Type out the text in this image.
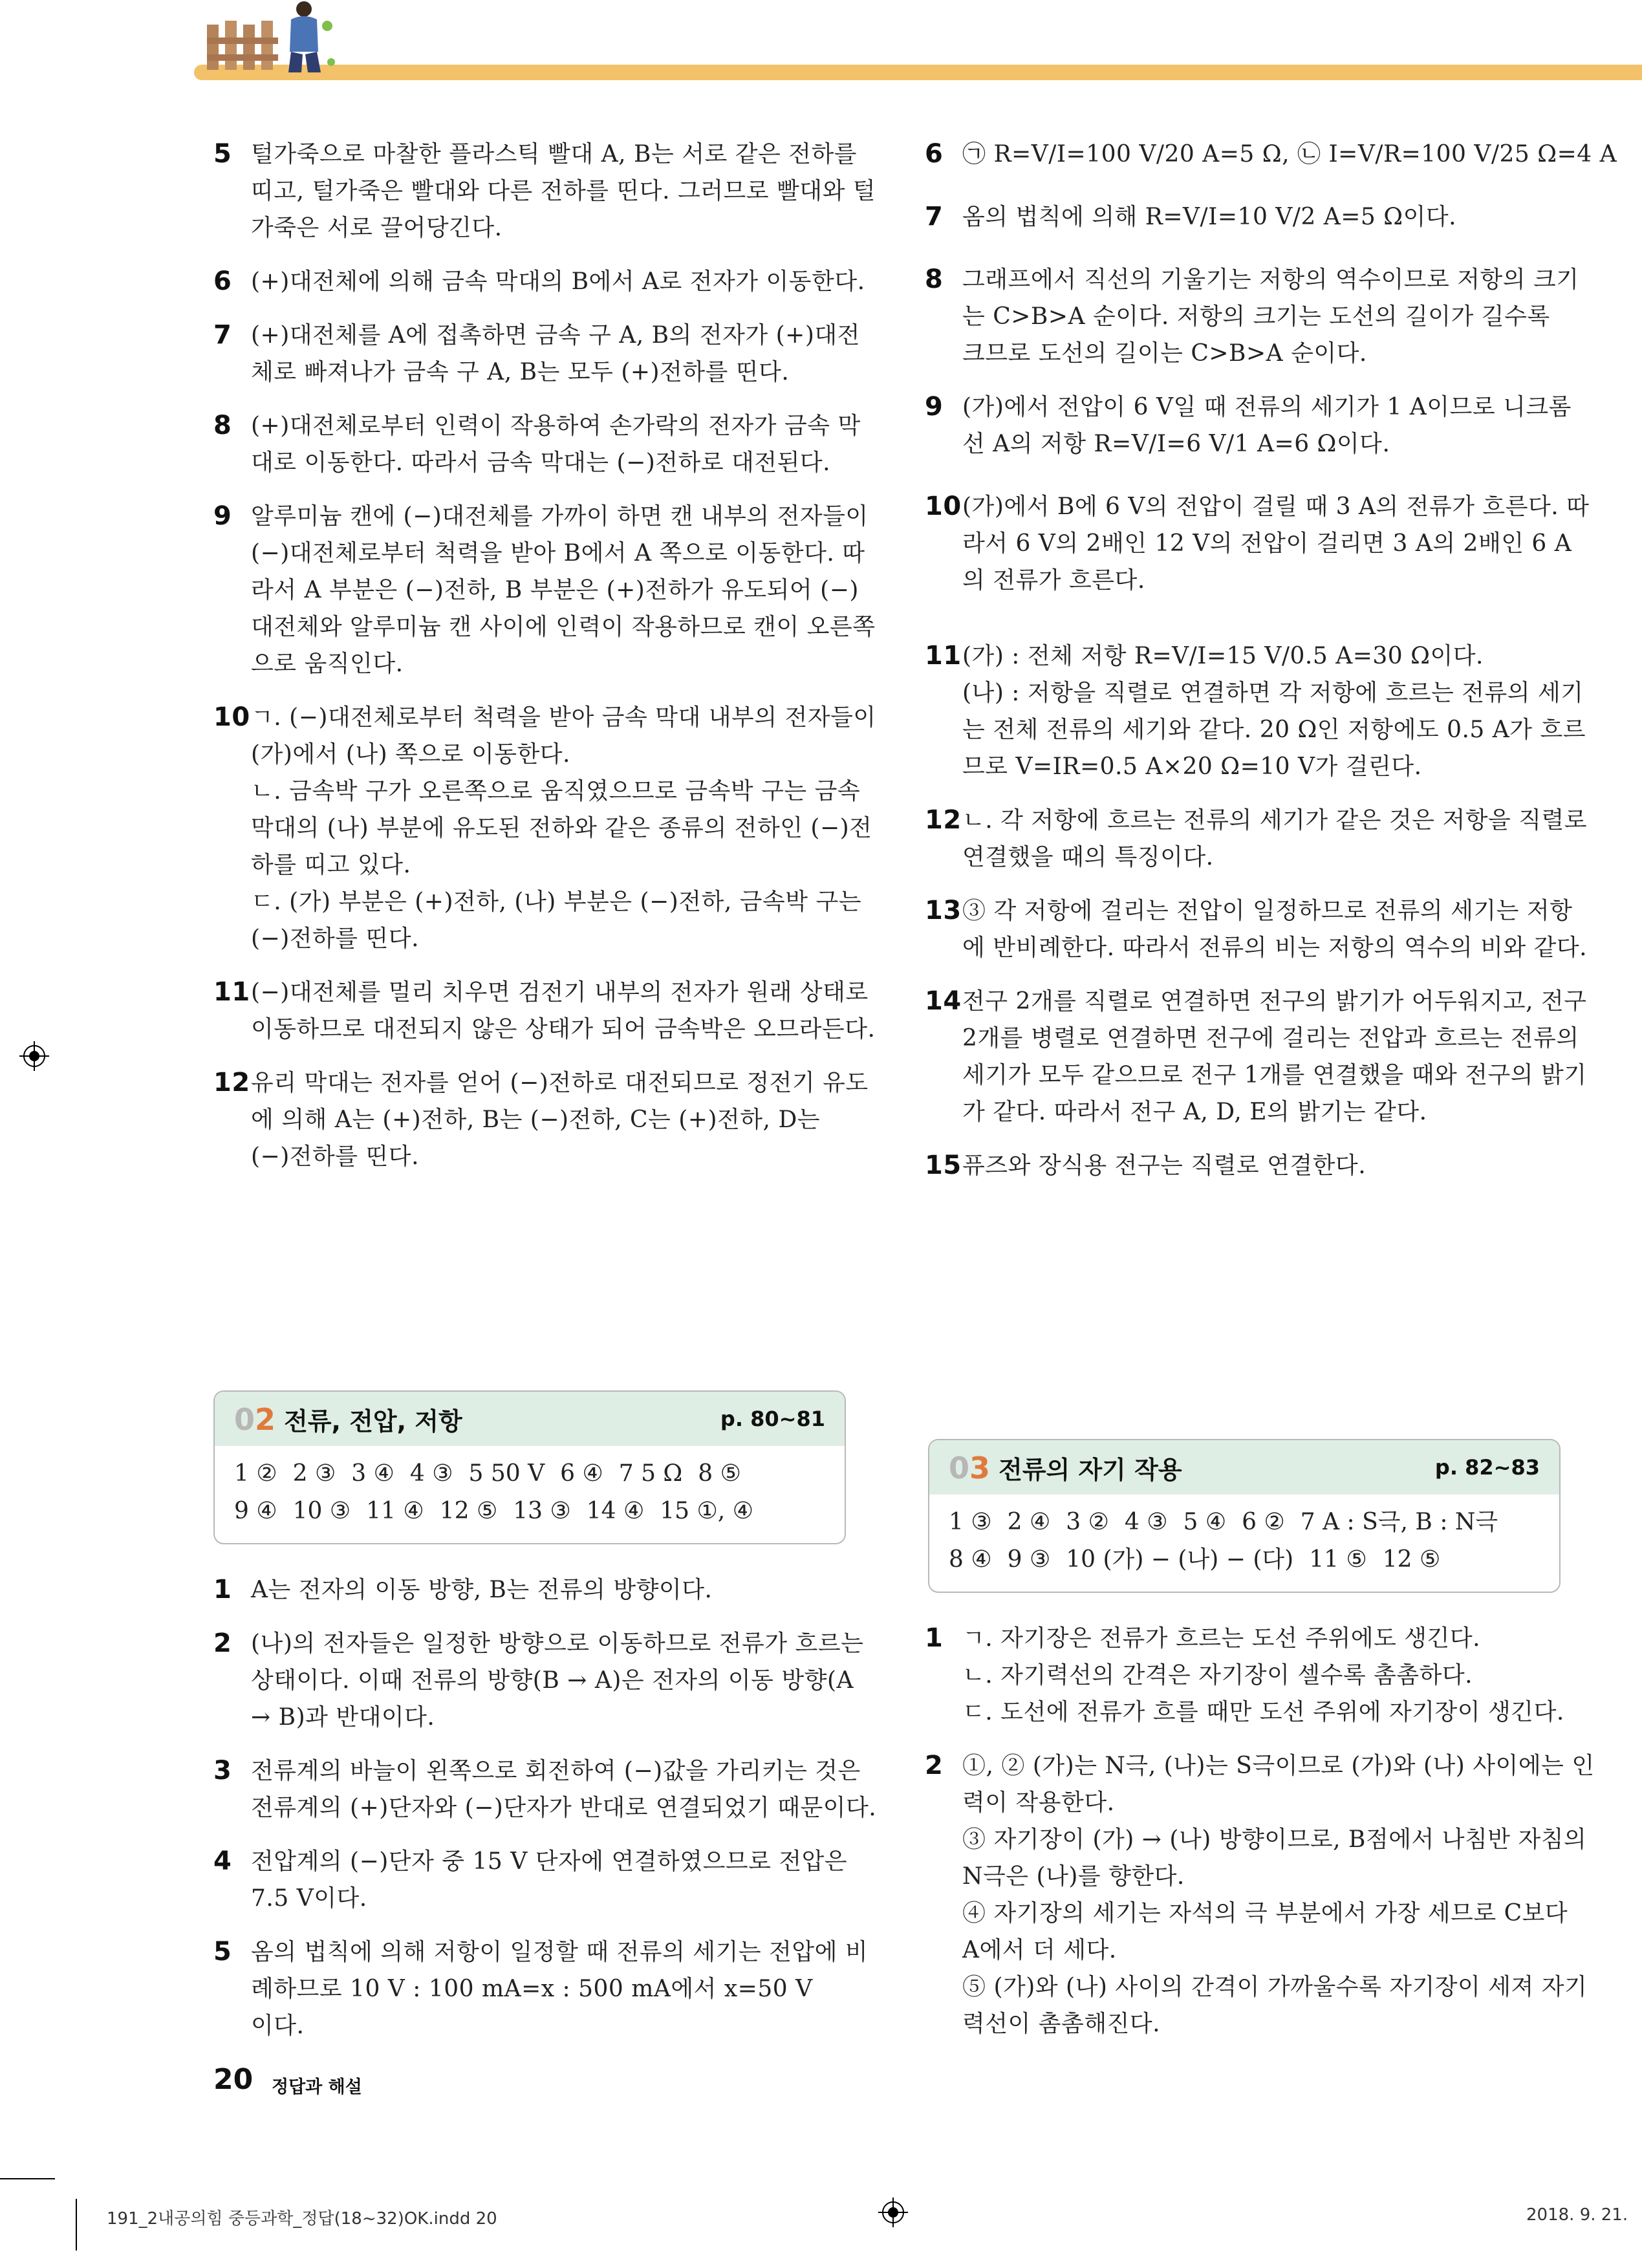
5 털가죽으로 마찰한 플라스틱 빨대 A, B는 서로 같은 전하를
띠고, 털가죽은 빨대와 다른 전하를 띤다. 그러므로 빨대와 털
가죽은 서로 끌어당긴다.
6 (+)대전체에 의해 금속 막대의 B에서 A로 전자가 이동한다.
7 (+)대전체를 A에 접촉하면 금속 구 A, B의 전자가 (+)대전
체로 빠져나가 금속 구 A, B는 모두 (+)전하를 띤다.
8 (+)대전체로부터 인력이 작용하여 손가락의 전자가 금속 막
대로 이동한다. 따라서 금속 막대는 (−)전하로 대전된다.
9 알루미늄 캔에 (−)대전체를 가까이 하면 캔 내부의 전자들이
(−)대전체로부터 척력을 받아 B에서 A 쪽으로 이동한다. 따
라서 A 부분은 (−)전하, B 부분은 (+)전하가 유도되어 (−)
대전체와 알루미늄 캔 사이에 인력이 작용하므로 캔이 오른쪽
으로 움직인다.
10 ㄱ. (−)대전체로부터 척력을 받아 금속 막대 내부의 전자들이
(가)에서 (나) 쪽으로 이동한다.
ㄴ. 금속박 구가 오른쪽으로 움직였으므로 금속박 구는 금속
막대의 (나) 부분에 유도된 전하와 같은 종류의 전하인 (−)전
하를 띠고 있다.
ㄷ. (가) 부분은 (+)전하, (나) 부분은 (−)전하, 금속박 구는
(−)전하를 띤다.
11 (−)대전체를 멀리 치우면 검전기 내부의 전자가 원래 상태로
이동하므로 대전되지 않은 상태가 되어 금속박은 오므라든다.
12 유리 막대는 전자를 얻어 (−)전하로 대전되므로 정전기 유도
에 의해 A는 (+)전하, B는 (−)전하, C는 (+)전하, D는
(−)전하를 띤다.
6 ㉠ R=V/I=100 V/20 A=5 Ω, ㉡ I=V/R=100 V/25 Ω=4 A
7 옴의 법칙에 의해 R=V/I=10 V/2 A=5 Ω이다.
8 그래프에서 직선의 기울기는 저항의 역수이므로 저항의 크기
는 C>B>A 순이다. 저항의 크기는 도선의 길이가 길수록
크므로 도선의 길이는 C>B>A 순이다.
9 (가)에서 전압이 6 V일 때 전류의 세기가 1 A이므로 니크롬
선 A의 저항 R=V/I=6 V/1 A=6 Ω이다.
10 (가)에서 B에 6 V의 전압이 걸릴 때 3 A의 전류가 흐른다. 따
라서 6 V의 2배인 12 V의 전압이 걸리면 3 A의 2배인 6 A
의 전류가 흐른다.
11 (가) : 전체 저항 R=V/I=15 V/0.5 A=30 Ω이다.
(나) : 저항을 직렬로 연결하면 각 저항에 흐르는 전류의 세기
는 전체 전류의 세기와 같다. 20 Ω인 저항에도 0.5 A가 흐르
므로 V=IR=0.5 A×20 Ω=10 V가 걸린다.
12 ㄴ. 각 저항에 흐르는 전류의 세기가 같은 것은 저항을 직렬로
연결했을 때의 특징이다.
13 ③ 각 저항에 걸리는 전압이 일정하므로 전류의 세기는 저항
에 반비례한다. 따라서 전류의 비는 저항의 역수의 비와 같다.
14 전구 2개를 직렬로 연결하면 전구의 밝기가 어두워지고, 전구
2개를 병렬로 연결하면 전구에 걸리는 전압과 흐르는 전류의
세기가 모두 같으므로 전구 1개를 연결했을 때와 전구의 밝기
가 같다. 따라서 전구 A, D, E의 밝기는 같다.
15 퓨즈와 장식용 전구는 직렬로 연결한다.
02 전류, 전압, 저항	p. 80~81
1 ② 2 ③ 3 ④ 4 ③ 5 50 V 6 ④ 7 5 Ω 8 ⑤
9 ④ 10 ③ 11 ④ 12 ⑤ 13 ③ 14 ④ 15 ①, ④
03 전류의 자기 작용	p. 82~83
1 ③ 2 ④ 3 ② 4 ③ 5 ④ 6 ② 7 A : S극, B : N극
8 ④ 9 ③ 10 (가) − (나) − (다) 11 ⑤ 12 ⑤
1 A는 전자의 이동 방향, B는 전류의 방향이다.
2 (나)의 전자들은 일정한 방향으로 이동하므로 전류가 흐르는
상태이다. 이때 전류의 방향(B → A)은 전자의 이동 방향(A
→ B)과 반대이다.
3 전류계의 바늘이 왼쪽으로 회전하여 (−)값을 가리키는 것은
전류계의 (+)단자와 (−)단자가 반대로 연결되었기 때문이다.
4 전압계의 (−)단자 중 15 V 단자에 연결하였으므로 전압은
7.5 V이다.
5 옴의 법칙에 의해 저항이 일정할 때 전류의 세기는 전압에 비
례하므로 10 V : 100 mA=x : 500 mA에서 x=50 V
이다.
1 ㄱ. 자기장은 전류가 흐르는 도선 주위에도 생긴다.
ㄴ. 자기력선의 간격은 자기장이 셀수록 촘촘하다.
ㄷ. 도선에 전류가 흐를 때만 도선 주위에 자기장이 생긴다.
2 ①, ② (가)는 N극, (나)는 S극이므로 (가)와 (나) 사이에는 인
력이 작용한다.
③ 자기장이 (가) → (나) 방향이므로, B점에서 나침반 자침의
N극은 (나)를 향한다.
④ 자기장의 세기는 자석의 극 부분에서 가장 세므로 C보다
A에서 더 세다.
⑤ (가)와 (나) 사이의 간격이 가까울수록 자기장이 세져 자기
력선이 촘촘해진다.
20 정답과 해설
191_2내공의힘 중등과학_정답(18~32)OK.indd 20	2018. 9. 21.
